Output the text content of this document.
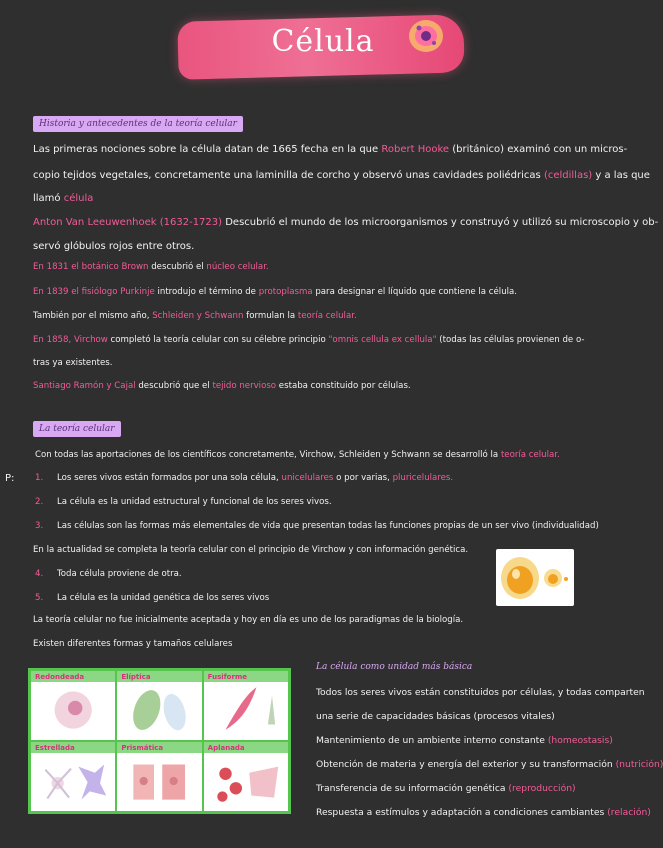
Célula
Historia y antecedentes de la teoría celular
Las primeras nociones sobre la célula datan de 1665 fecha en la que Robert Hooke (británico) examinó con un micros-
copio tejidos vegetales, concretamente una laminilla de corcho y observó unas cavidades poliédricas (celdillas) y a las que
llamó célula
Anton Van Leeuwenhoek (1632-1723) Descubrió el mundo de los microorganismos y construyó y utilizó su microscopio y ob-
servó glóbulos rojos entre otros.
En 1831 el botánico Brown descubrió el núcleo celular.
En 1839 el fisiólogo Purkinje introdujo el término de protoplasma para designar el líquido que contiene la célula.
También por el mismo año, Schleiden y Schwann formulan la teoría celular.
En 1858, Virchow completó la teoría celular con su célebre principio "omnis cellula ex cellula" (todas las células provienen de o-
tras ya existentes.
Santiago Ramón y Cajal descubrió que el tejido nervioso estaba constituido por células.
La teoría celular
Con todas las aportaciones de los científicos concretamente, Virchow, Schleiden y Schwann se desarrolló la teoría celular.
P: 1. Los seres vivos están formados por una sola célula, unicelulares o por varias, pluricelulares.
2. La célula es la unidad estructural y funcional de los seres vivos.
3. Las células son las formas más elementales de vida que presentan todas las funciones propias de un ser vivo (individualidad)
En la actualidad se completa la teoría celular con el principio de Virchow y con información genética.
4. Toda célula proviene de otra.
5. La célula es la unidad genética de los seres vivos
La teoría celular no fue inicialmente aceptada y hoy en día es uno de los paradigmas de la biología.
Existen diferentes formas y tamaños celulares
Redondeada	Elíptica	Fusiforme
Estrellada	Prismática	Aplanada
La célula como unidad más básica
Todos los seres vivos están constituidos por células, y todas comparten
una serie de capacidades básicas (procesos vitales)
Mantenimiento de un ambiente interno constante (homeostasis)
Obtención de materia y energía del exterior y su transformación (nutrición)
Transferencia de su información genética (reproducción)
Respuesta a estímulos y adaptación a condiciones cambiantes (relación)
